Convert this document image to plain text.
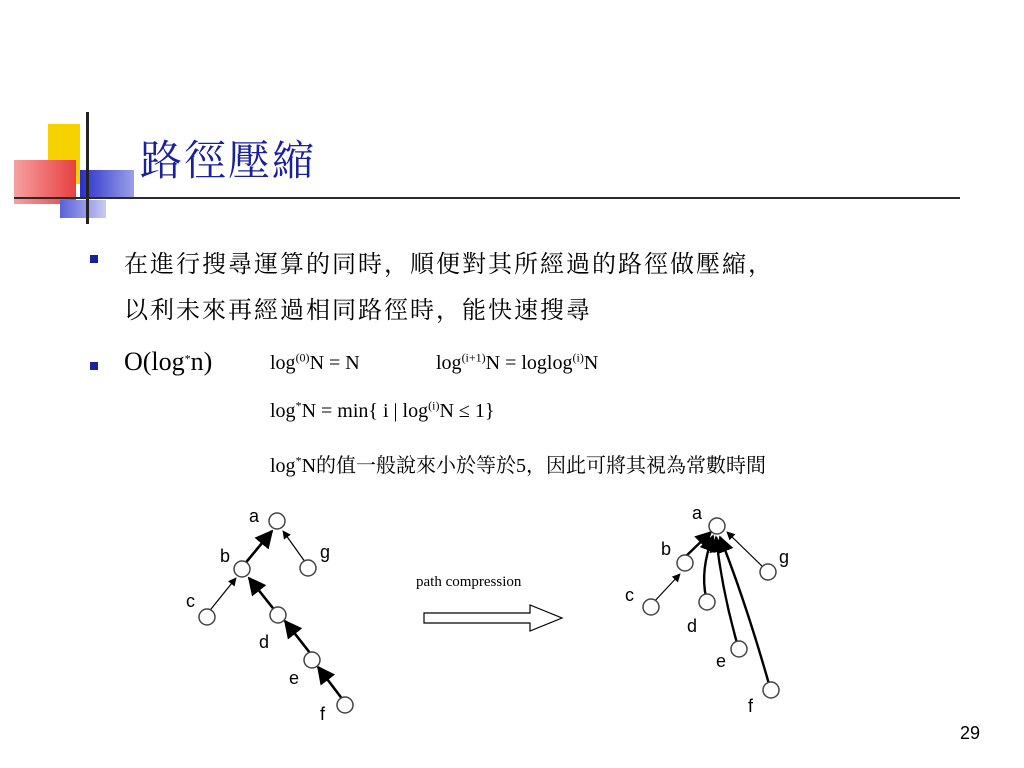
路徑壓縮
在進行搜尋運算的同時，順便對其所經過的路徑做壓縮，
以利未來再經過相同路徑時，能快速搜尋
O(log*n)	$\log^{(0)}N = N$	$\log^{(i+1)}N = loglog^{(i)}N$
log*N = min{ i | $\log^{(i)}N \le 1$}
log*N的值一般說來小於等於5，因此可將其視為常數時間
a
b	g
c
d
e
f
path compression
a
b	g
c
d
e
f
29
